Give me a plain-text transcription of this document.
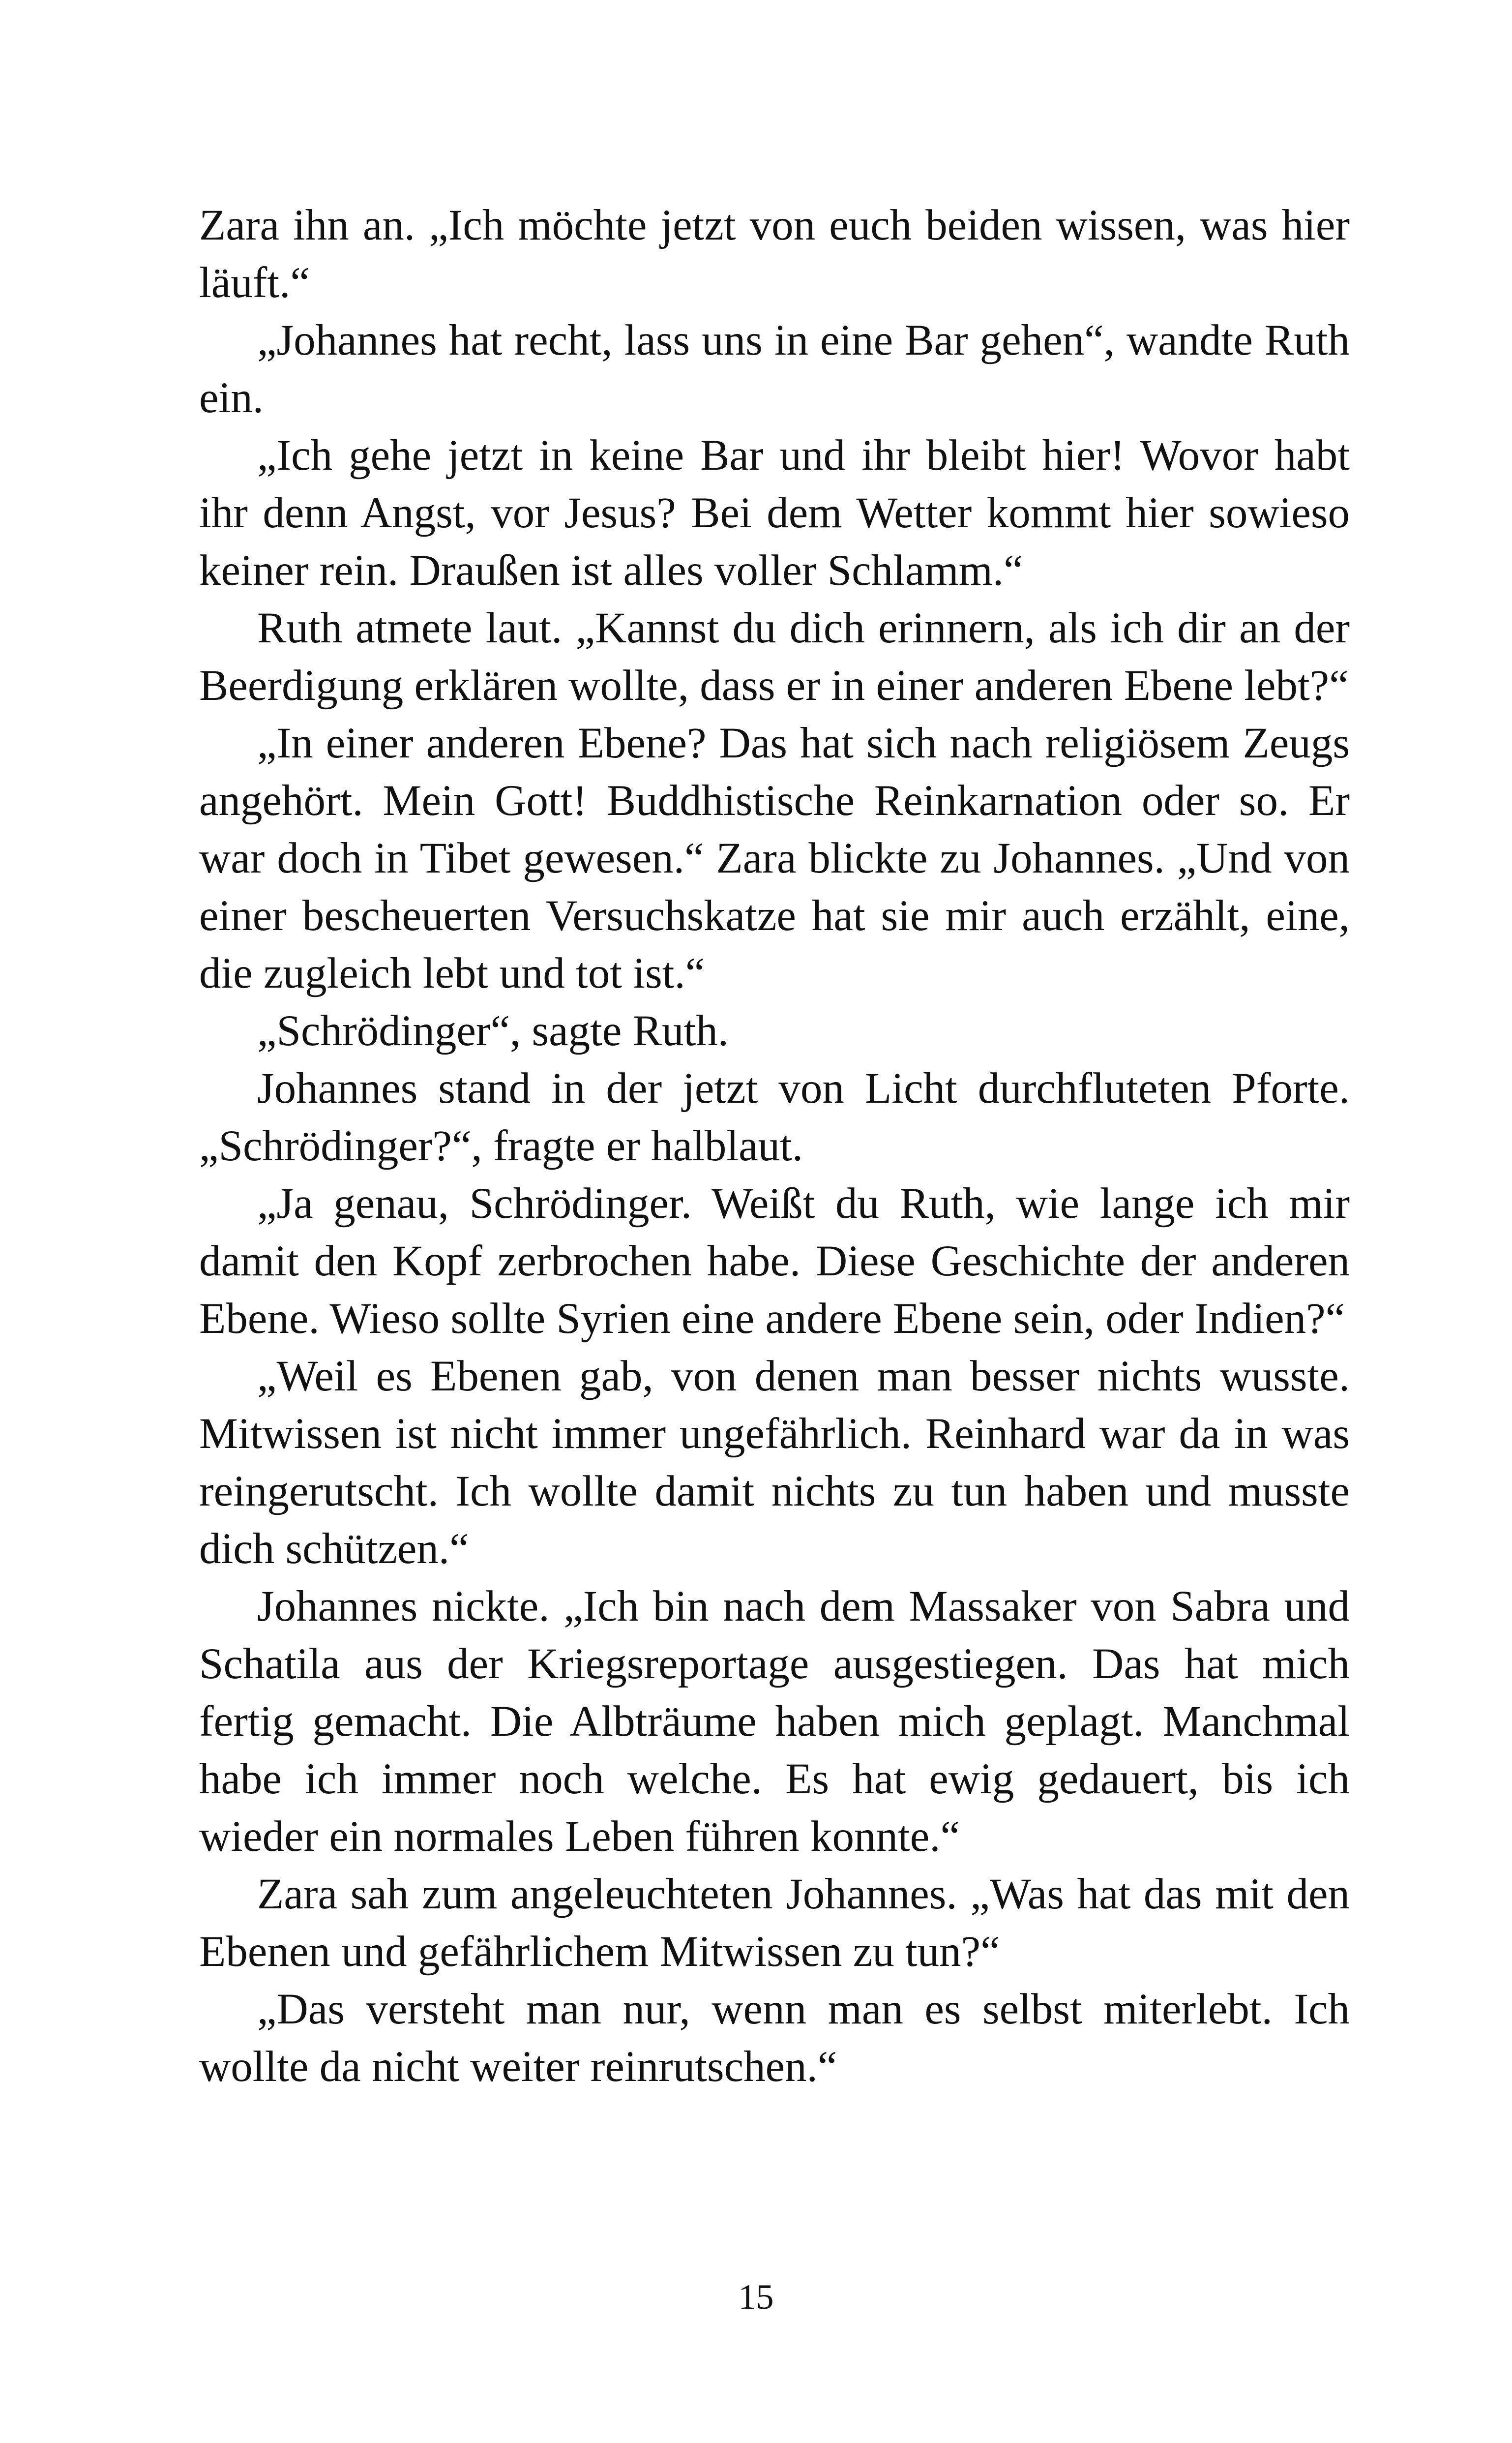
Zara ihn an. „Ich möchte jetzt von euch beiden wissen, was hier läuft.“

„Johannes hat recht, lass uns in eine Bar gehen“, wandte Ruth ein.

„Ich gehe jetzt in keine Bar und ihr bleibt hier! Wovor habt ihr denn Angst, vor Jesus? Bei dem Wetter kommt hier sowieso keiner rein. Draußen ist alles voller Schlamm.“

Ruth atmete laut. „Kannst du dich erinnern, als ich dir an der Beerdigung erklären wollte, dass er in einer anderen Ebene lebt?“

„In einer anderen Ebene? Das hat sich nach religiösem Zeugs angehört. Mein Gott! Buddhistische Reinkarnation oder so. Er war doch in Tibet gewesen.“ Zara blickte zu Johannes. „Und von einer bescheuerten Versuchskatze hat sie mir auch erzählt, eine, die zugleich lebt und tot ist.“

„Schrödinger“, sagte Ruth.

Johannes stand in der jetzt von Licht durchfluteten Pforte. „Schrödinger?“, fragte er halblaut.

„Ja genau, Schrödinger. Weißt du Ruth, wie lange ich mir damit den Kopf zerbrochen habe. Diese Geschichte der anderen Ebene. Wieso sollte Syrien eine andere Ebene sein, oder Indien?“

„Weil es Ebenen gab, von denen man besser nichts wusste. Mitwissen ist nicht immer ungefährlich. Reinhard war da in was reingerutscht. Ich wollte damit nichts zu tun haben und musste dich schützen.“

Johannes nickte. „Ich bin nach dem Massaker von Sabra und Schatila aus der Kriegsreportage ausgestiegen. Das hat mich fertig gemacht. Die Albträume haben mich geplagt. Manchmal habe ich immer noch welche. Es hat ewig gedauert, bis ich wieder ein normales Leben führen konnte.“

Zara sah zum angeleuchteten Johannes. „Was hat das mit den Ebenen und gefährlichem Mitwissen zu tun?“

„Das versteht man nur, wenn man es selbst miterlebt. Ich wollte da nicht weiter reinrutschen.“

15
